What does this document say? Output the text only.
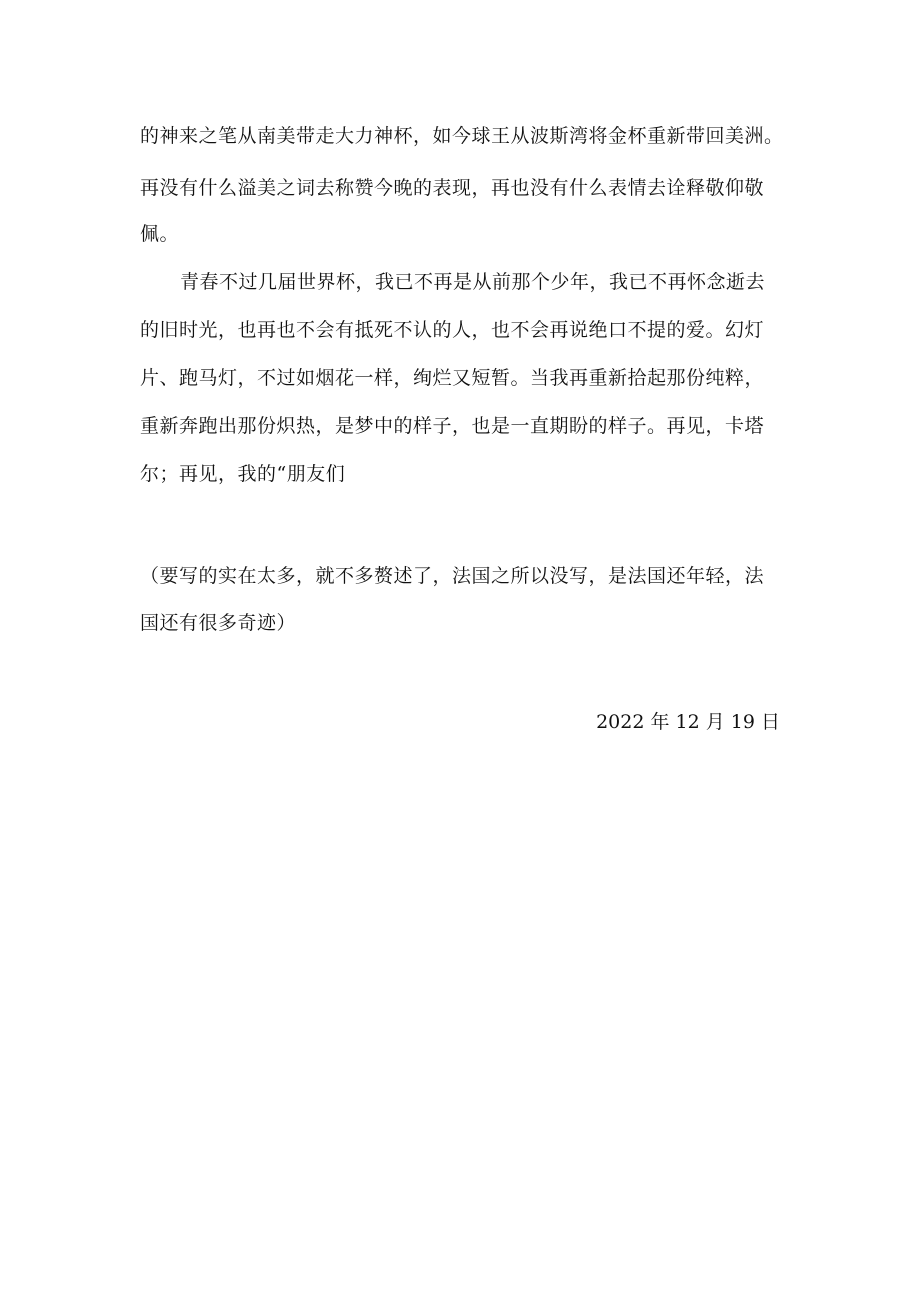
的神来之笔从南美带走大力神杯，如今球王从波斯湾将金杯重新带回美洲。
再没有什么溢美之词去称赞今晚的表现，再也没有什么表情去诠释敬仰敬
佩。
青春不过几届世界杯，我已不再是从前那个少年，我已不再怀念逝去
的旧时光，也再也不会有抵死不认的人，也不会再说绝口不提的爱。幻灯
片、跑马灯，不过如烟花一样，绚烂又短暂。当我再重新拾起那份纯粹，
重新奔跑出那份炽热，是梦中的样子，也是一直期盼的样子。再见，卡塔
尔；再见，我的“朋友们
（要写的实在太多，就不多赘述了，法国之所以没写，是法国还年轻，法
国还有很多奇迹）
2022 年 12 月 19 日
